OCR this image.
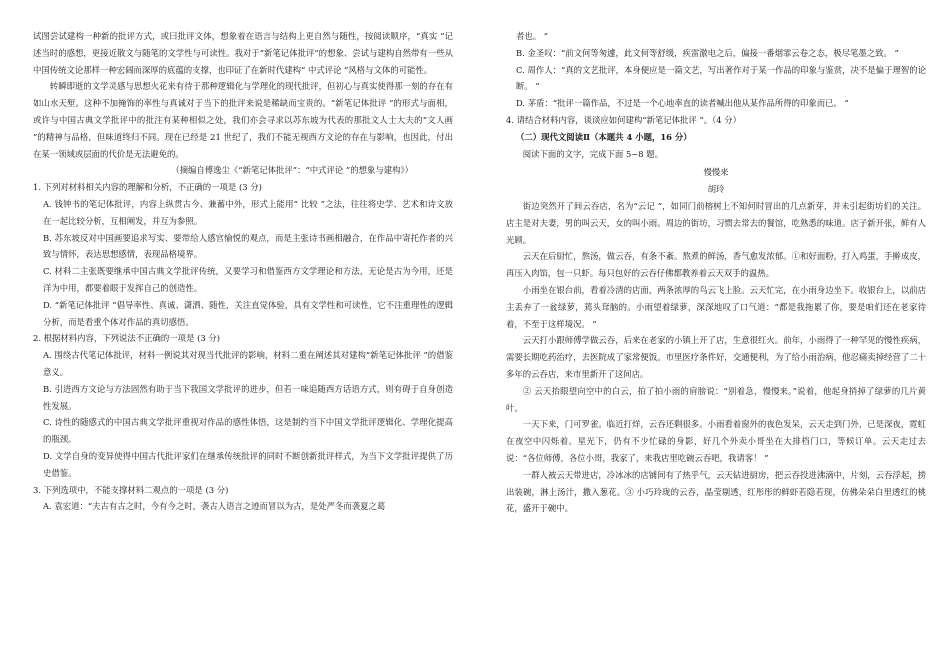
试图尝试建构一种新的批评方式，或曰批评文体，想象着在语言与结构上更自然与随性，按阅读顺序，“真实 ”记述当时的感想，更接近散文与随笔的文学性与可读性。我对于“新笔记体批评”的想象、尝试与建构自然带有一些从中国传统文论那样一种宏阔而深厚的底蕴的支撑，也印证了在新时代建构“ 中式评论 ”风格与文体的可能性。

转瞬即逝的文学灵感与思想火花来有待于那种逻辑化与学理化的现代批评，但初心与真实使得那一刻的存在有如山水天堑。这种不加掩饰的率性与真诚对于当下的批评来说是稀缺而宝贵的。“新笔记体批评 ”的形式与面相，或许与中国古典文学批评中的批注有某种相似之处，我们亦会寻求以苏东坡为代表的那批文人士大夫的“文人画 ”的精神与品格，但味道终归不同。现在已经是 21 世纪了，我们不能无视西方文论的存在与影响，也因此，付出在某一领域或层面的代价是无法避免的。

（摘编自傅逸尘《“新笔记体批评”：“中式评论 ”的想象与建构》）

1. 下列对材料相关内容的理解和分析，不正确的一项是 (3 分)

A. 钱钟书的笔记体批评，内容上纵贯古今、兼蓄中外，形式上能用“ 比较 ”之法，往往将史学、艺术和诗文放在一起比较分析，互相阐发，并互为参照。

B. 苏东坡反对中国画要追求写实、要带给人感官愉悦的观点，而是主张诗书画相融合，在作品中寄托作者的兴致与情怀，表达思想感情，表现品格境界。

C. 材料二主张既要继承中国古典文学批评传统，又要学习和借鉴西方文学理论和方法，无论是古为今用，还是洋为中用，都要着眼于发挥自己的创造性。

D. “新笔记体批评 ”倡导率性、真诚、潇洒、随性，关注直觉体验，具有文学性和可读性，它不注重理性的逻辑分析，而是看重个体对作品的真切感悟。

2. 根据材料内容，下列说法不正确的一项是 (3 分)

A. 围绕古代笔记体批评，材料一例说其对现当代批评的影响，材料二重在阐述其对建构“新笔记体批评 ”的借鉴意义。

B. 引进西方文论与方法固然有助于当下我国文学批评的进步，但若一味追随西方话语方式，则有碍于自身创造性发展。

C. 诗性的随感式的中国古典文学批评重视对作品的感性体悟，这是制约当下中国文学批评逻辑化、学理化提高的瓶颈。

D. 文学自身的变异使得中国古代批评家们在继承传统批评的同时不断创新批评样式，为当下文学批评提供了历史借鉴。

3. 下列选项中，不能支撑材料二观点的一项是 (3 分)

A. 袁宏道：“夫古有古之时，今有今之时，袭古人语言之迹而冒以为古，是处严冬而袭夏之葛

者也。 ”

B. 金圣叹：“前文何等匆遽，此文何等舒缓，疾雷激电之后，偏接一番烟霏云卷之态，极尽笔墨之致。 ”

C. 周作人：“真的文艺批评，本身便应是一篇文艺，写出著作对于某一作品的印象与鉴赏，决不是偏于理智的论断。 ”

D. 茅盾：“批评一篇作品，不过是一个心地率直的读者喊出他从某作品所得的印象而已。 ”

4. 请结合材料内容，谈谈应如何建构“新笔记体批评 ”。（4 分）

（二）现代文阅读Ⅱ（本题共 4 小题，16 分）

阅读下面的文字，完成下面 5~8 题。

慢慢来

胡玲

街边突然开了间云吞店，名为“云记 ”，如同门前榕树上不知何时冒出的几点新芽，并未引起街坊们的关注。店主是对夫妻，男的叫云天，女的叫小雨。周边的街坊，习惯去常去的餐馆，吃熟悉的味道。店子新开张，鲜有人光顾。

云天在后厨忙，熬汤，做云吞，有条不紊。熬煮的鲜汤，香气愈发浓郁。①和好面粉，打入鸡蛋，手擀成皮，再压入肉馅，包一只虾。每只包好的云吞仔佛都教养着云天双手的温热。

小雨坐在银台前，看着冷清的店面，两条浓厚的鸟云飞上脸。云天忙完，在小雨身边坐下。收银台上，以前店主丢弃了一盆绿萝，蔫头耷脑的。小雨望着绿萝，深深地叹了口气道：“都是我拖累了你，要是咱们还在老家待着，不至于这样境况。 ”

云天打小跟师傅学做云吞，后来在老家的小镇上开了店，生意很红火。前年，小雨得了一种罕见的慢性疾病，需要长期吃药治疗，去医院成了家常便饭。市里医疗条件好，交通便利，为了给小雨治病，他忍痛卖掉经营了二十多年的云吞店，来市里新开了这间店。

② 云天抬眼望向空中的白云，拍了拍小雨的肩膀说：“别着急，慢慢来。”说着，他起身捎掉了绿萝的几片黄叶。

一天下来，门可罗雀。临近打烊，云吞还剩很多。小雨看着窗外的夜色发呆，云天走到门外，已是深夜，霓虹在夜空中闪烁着。星光下，仍有不少忙碌的身影，好几个外卖小哥坐在大排档门口，等候订单。云天走过去说：“各位师傅，各位小哥，我家了，来我店里吃碗云吞吧，我请客！ ”

一群人被云天带进店，冷冰冰的店铺间有了热乎气，云天钻进厨房，把云吞投进沸滴中，片刻，云吞浮起，捞出装碗，淋上汤汁，撒入葱花。③ 小巧玲珑的云吞，晶莹剔透，红彤彤的鲜虾若隐若现，仿佛朵朵白里透红的桃花，盛开于碗中。
